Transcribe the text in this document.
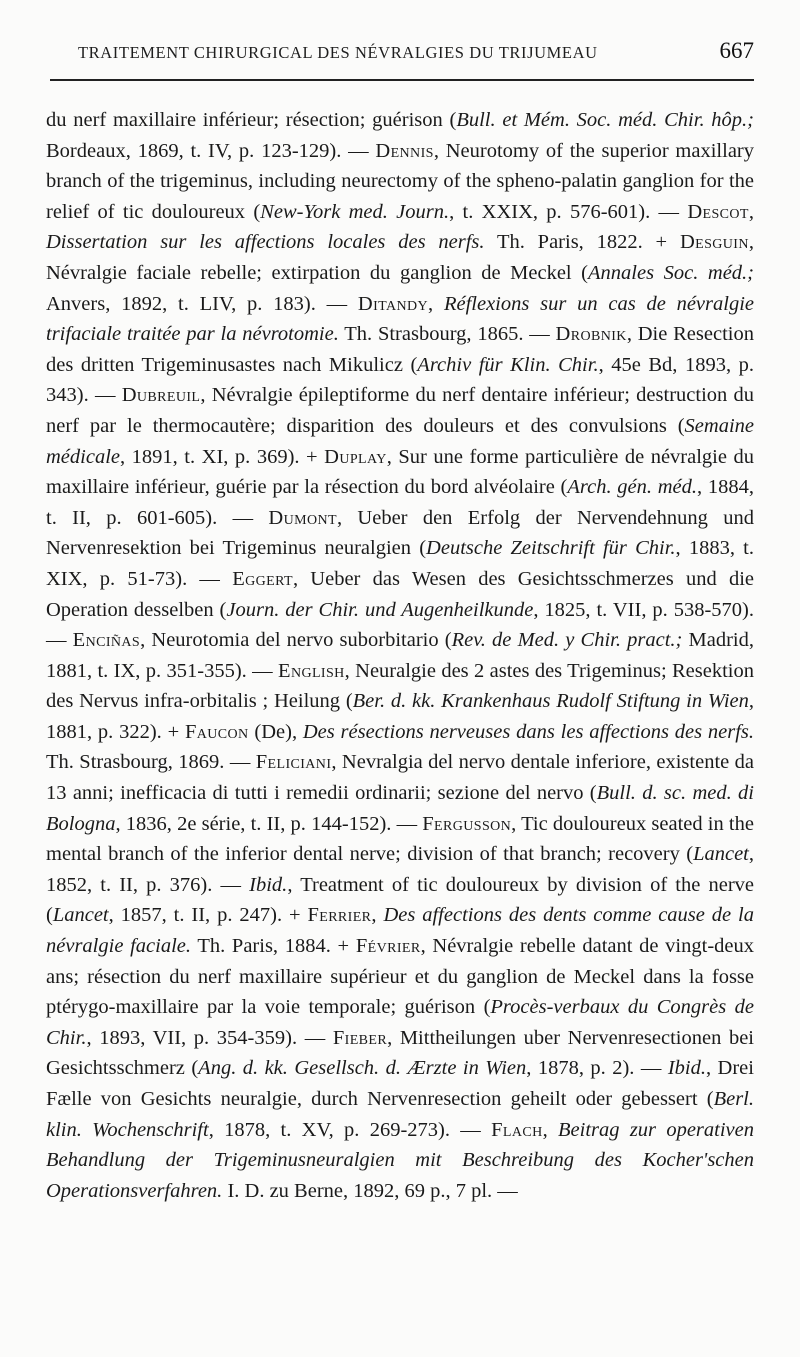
TRAITEMENT CHIRURGICAL DES NÉVRALGIES DU TRIJUMEAU	667

du nerf maxillaire inférieur; résection; guérison (Bull. et Mém. Soc. méd. Chir. hôp.; Bordeaux, 1869, t. IV, p. 123-129). — Dennis, Neurotomy of the superior maxillary branch of the trigeminus, including neurectomy of the spheno-palatin ganglion for the relief of tic douloureux (New-York med. Journ., t. XXIX, p. 576-601). — Descot, Dissertation sur les affections locales des nerfs. Th. Paris, 1822. + Desguin, Névralgie faciale rebelle; extirpation du ganglion de Meckel (Annales Soc. méd.; Anvers, 1892, t. LIV, p. 183). — Ditandy, Réflexions sur un cas de névralgie trifaciale traitée par la névrotomie. Th. Strasbourg, 1865. — Drobnik, Die Resection des dritten Trigeminusastes nach Mikulicz (Archiv für Klin. Chir., 45e Bd, 1893, p. 343). — Dubreuil, Névralgie épileptiforme du nerf dentaire inférieur; destruction du nerf par le thermocautère; disparition des douleurs et des convulsions (Semaine médicale, 1891, t. XI, p. 369). + Duplay, Sur une forme particulière de névralgie du maxillaire inférieur, guérie par la résection du bord alvéolaire (Arch. gén. méd., 1884, t. II, p. 601-605). — Dumont, Ueber den Erfolg der Nervendehnung und Nervenresektion bei Trigeminus neuralgien (Deutsche Zeitschrift für Chir., 1883, t. XIX, p. 51-73). — Eggert, Ueber das Wesen des Gesichtsschmerzes und die Operation desselben (Journ. der Chir. und Augenheilkunde, 1825, t. VII, p. 538-570). — Enciñas, Neurotomia del nervo suborbitario (Rev. de Med. y Chir. pract.; Madrid, 1881, t. IX, p. 351-355). — English, Neuralgie des 2 astes des Trigeminus; Resektion des Nervus infra-orbitalis ; Heilung (Ber. d. kk. Krankenhaus Rudolf Stiftung in Wien, 1881, p. 322). + Faucon (De), Des résections nerveuses dans les affections des nerfs. Th. Strasbourg, 1869. — Feliciani, Nevralgia del nervo dentale inferiore, existente da 13 anni; inefficacia di tutti i remedii ordinarii; sezione del nervo (Bull. d. sc. med. di Bologna, 1836, 2e série, t. II, p. 144-152). — Fergusson, Tic douloureux seated in the mental branch of the inferior dental nerve; division of that branch; recovery (Lancet, 1852, t. II, p. 376). — Ibid., Treatment of tic douloureux by division of the nerve (Lancet, 1857, t. II, p. 247). + Ferrier, Des affections des dents comme cause de la névralgie faciale. Th. Paris, 1884. + Février, Névralgie rebelle datant de vingt-deux ans; résection du nerf maxillaire supérieur et du ganglion de Meckel dans la fosse ptérygo-maxillaire par la voie temporale; guérison (Procès-verbaux du Congrès de Chir., 1893, VII, p. 354-359). — Fieber, Mittheilungen uber Nervenresectionen bei Gesichtsschmerz (Ang. d. kk. Gesellsch. d. Ærzte in Wien, 1878, p. 2). — Ibid., Drei Fælle von Gesichts neuralgie, durch Nervenresection geheilt oder gebessert (Berl. klin. Wochenschrift, 1878, t. XV, p. 269-273). — Flach, Beitrag zur operativen Behandlung der Trigeminusneuralgien mit Beschreibung des Kocher'schen Operationsverfahren. I. D. zu Berne, 1892, 69 p., 7 pl. —
